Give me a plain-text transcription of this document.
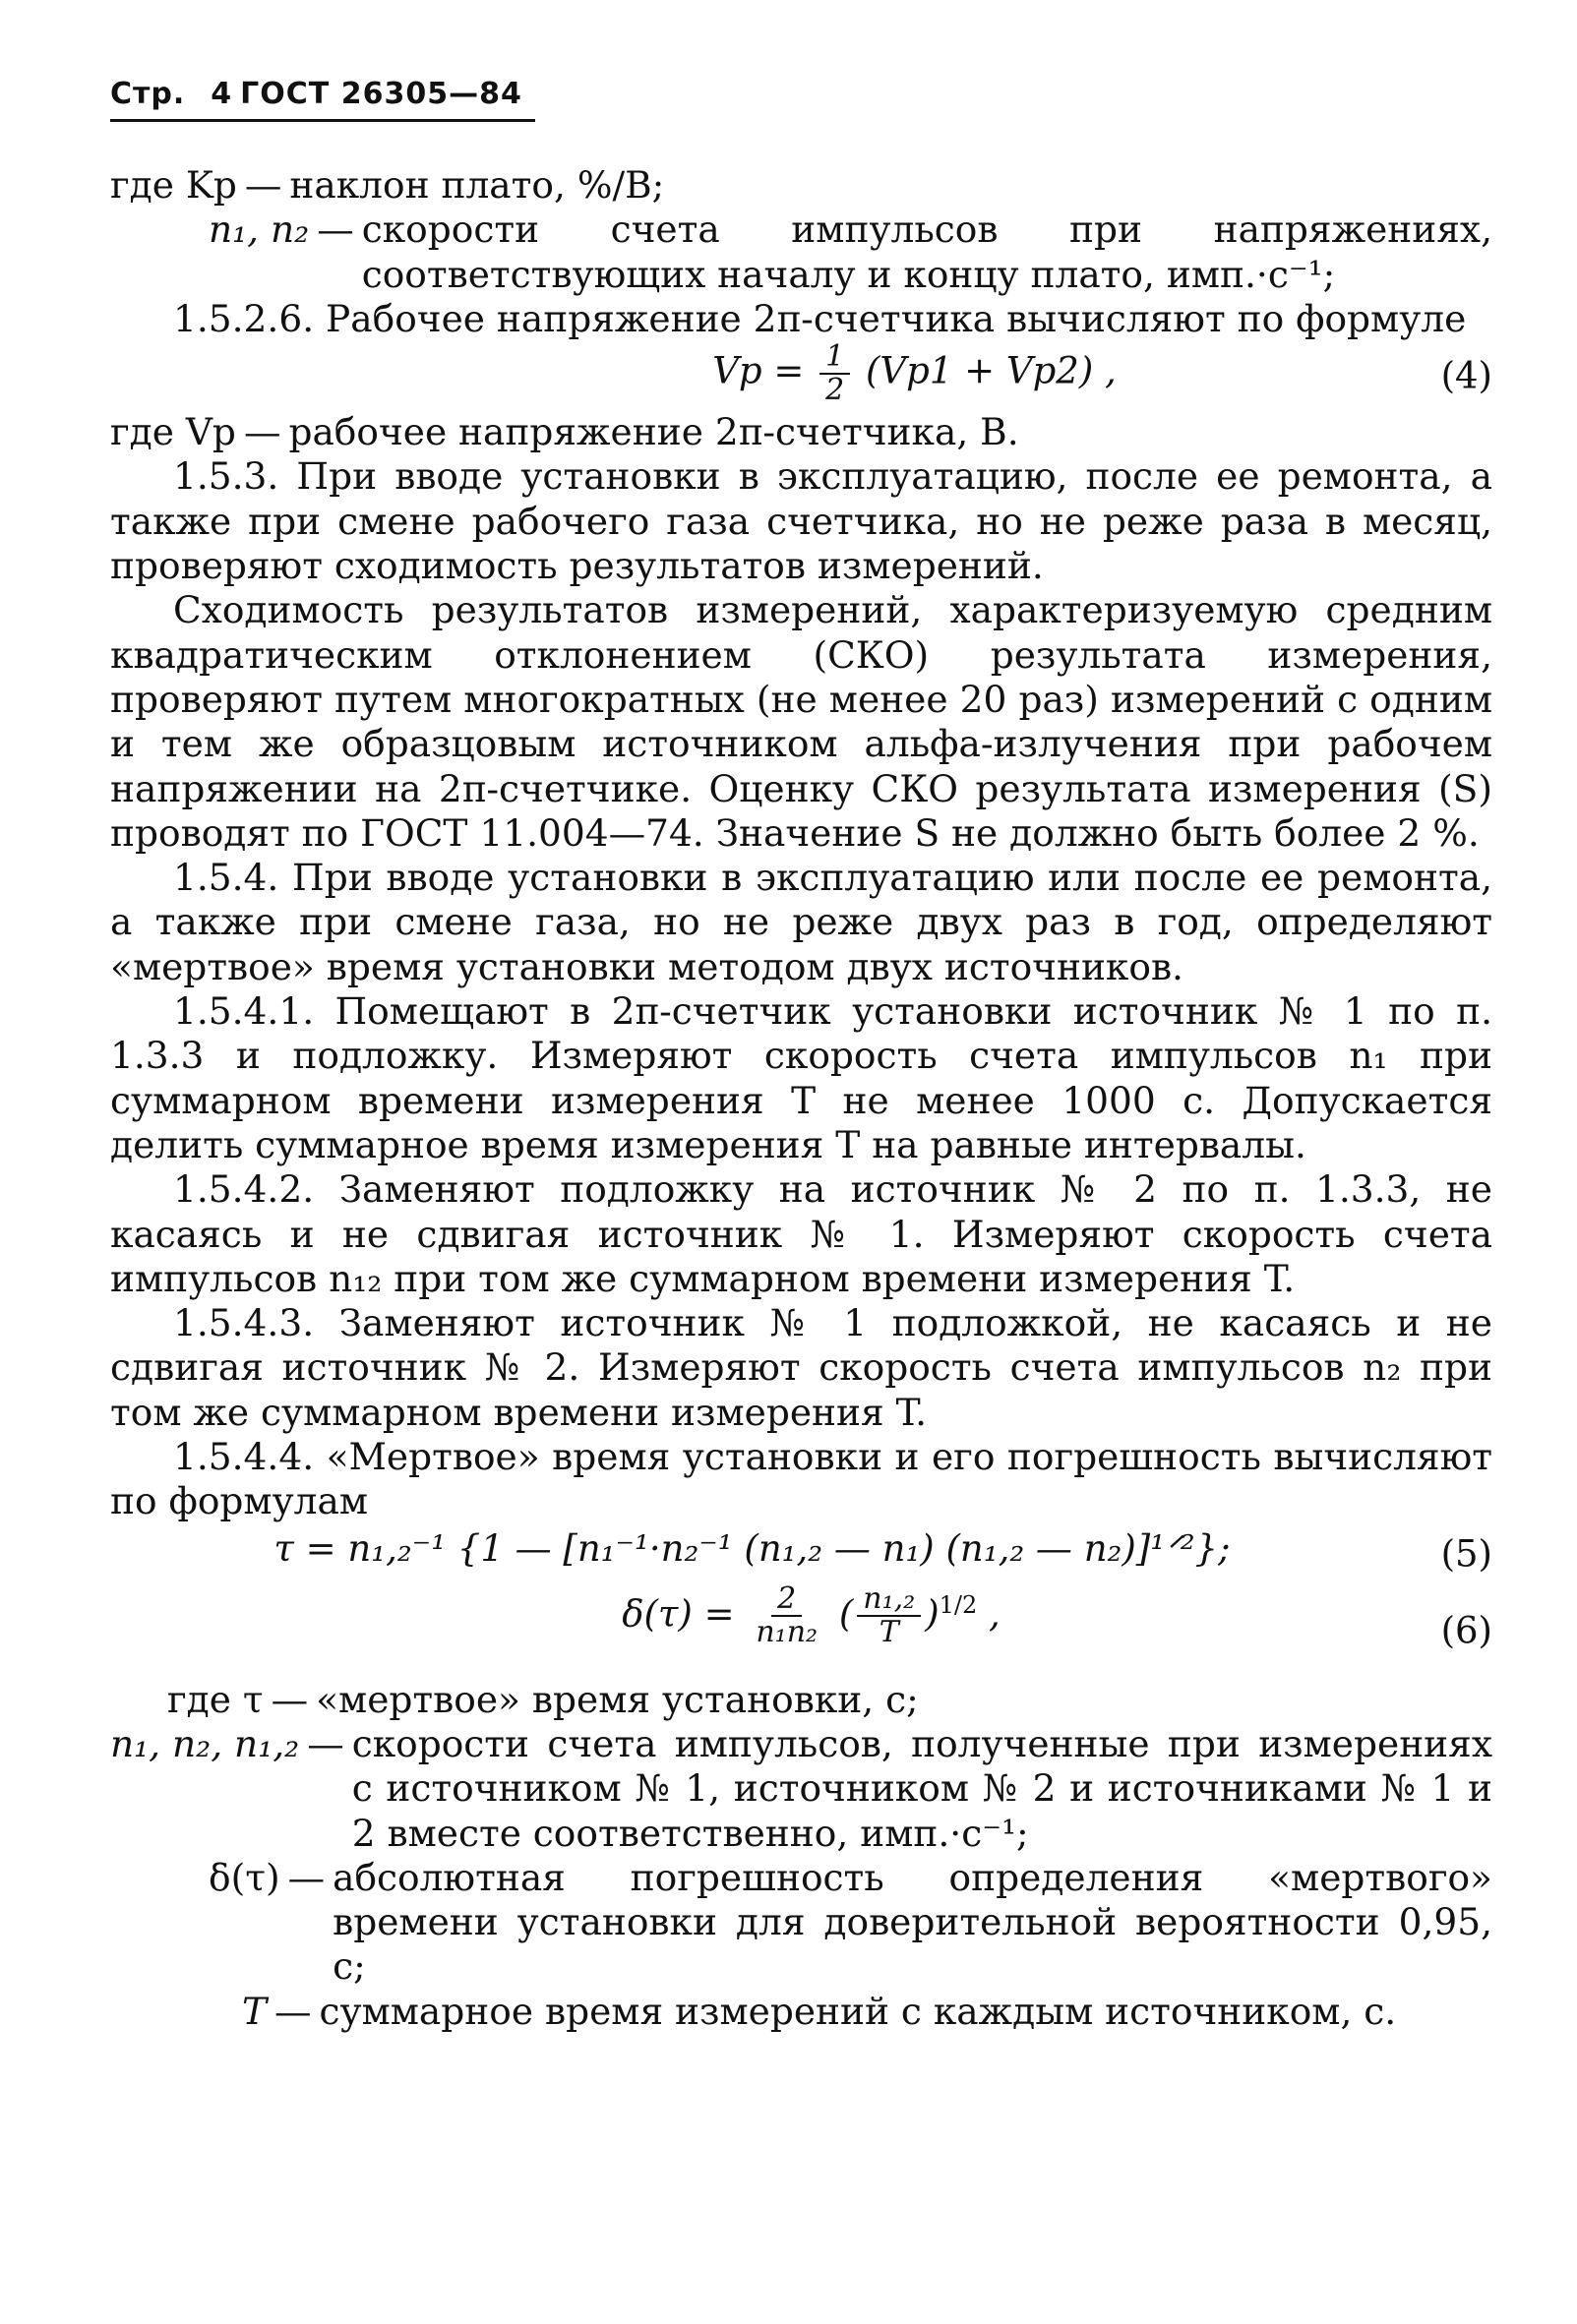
Стр. 4 ГОСТ 26305—84
где Kр — наклон плато, %/В;
n₁, n₂ — скорости счета импульсов при напряжениях, соответствующих началу и концу плато, имп.·с⁻¹;

1.5.2.6. Рабочее напряжение 2π-счетчика вычисляют по формуле

Vр = $\frac{1}{2} (Vр1 + Vр2)$ ,	(4)
где Vр — рабочее напряжение 2π-счетчика, В.

1.5.3. При вводе установки в эксплуатацию, после ее ремонта, а также при смене рабочего газа счетчика, но не реже раза в месяц, проверяют сходимость результатов измерений.

Сходимость результатов измерений, характеризуемую средним квадратическим отклонением (СКО) результата измерения, проверяют путем многократных (не менее 20 раз) измерений с одним и тем же образцовым источником альфа-излучения при рабочем напряжении на 2π-счетчике. Оценку СКО результата измерения (S) проводят по ГОСТ 11.004—74. Значение S не должно быть более 2 %.

1.5.4. При вводе установки в эксплуатацию или после ее ремонта, а также при смене газа, но не реже двух раз в год, определяют «мертвое» время установки методом двух источников.

1.5.4.1. Помещают в 2π-счетчик установки источник № 1 по п. 1.3.3 и подложку. Измеряют скорость счета импульсов n₁ при суммарном времени измерения T не менее 1000 с. Допускается делить суммарное время измерения T на равные интервалы.

1.5.4.2. Заменяют подложку на источник № 2 по п. 1.3.3, не касаясь и не сдвигая источник № 1. Измеряют скорость счета импульсов n₁₂ при том же суммарном времени измерения T.

1.5.4.3. Заменяют источник № 1 подложкой, не касаясь и не сдвигая источник № 2. Измеряют скорость счета импульсов n₂ при том же суммарном времени измерения T.

1.5.4.4. «Мертвое» время установки и его погрешность вычисляют по формулам

τ = n₁,₂⁻¹ {1 — [n₁⁻¹·n₂⁻¹ (n₁,₂ — n₁) (n₁,₂ — n₂)]¹ᐟ²};	(5)
$\delta(\tau) = \frac{2}{\text{n₁n₂}}$ ( $\frac{\text{n₁,₂}}{T} )^{1/2}$ ,	(6)
где τ — «мертвое» время установки, с;
n₁, n₂, n₁,₂ — скорости счета импульсов, полученные при измерениях с источником № 1, источником № 2 и источниками № 1 и 2 вместе соответственно, имп.·с⁻¹;
δ(τ) — абсолютная погрешность определения «мертвого» времени установки для доверительной вероятности 0,95, с;
T — суммарное время измерений с каждым источником, с.
